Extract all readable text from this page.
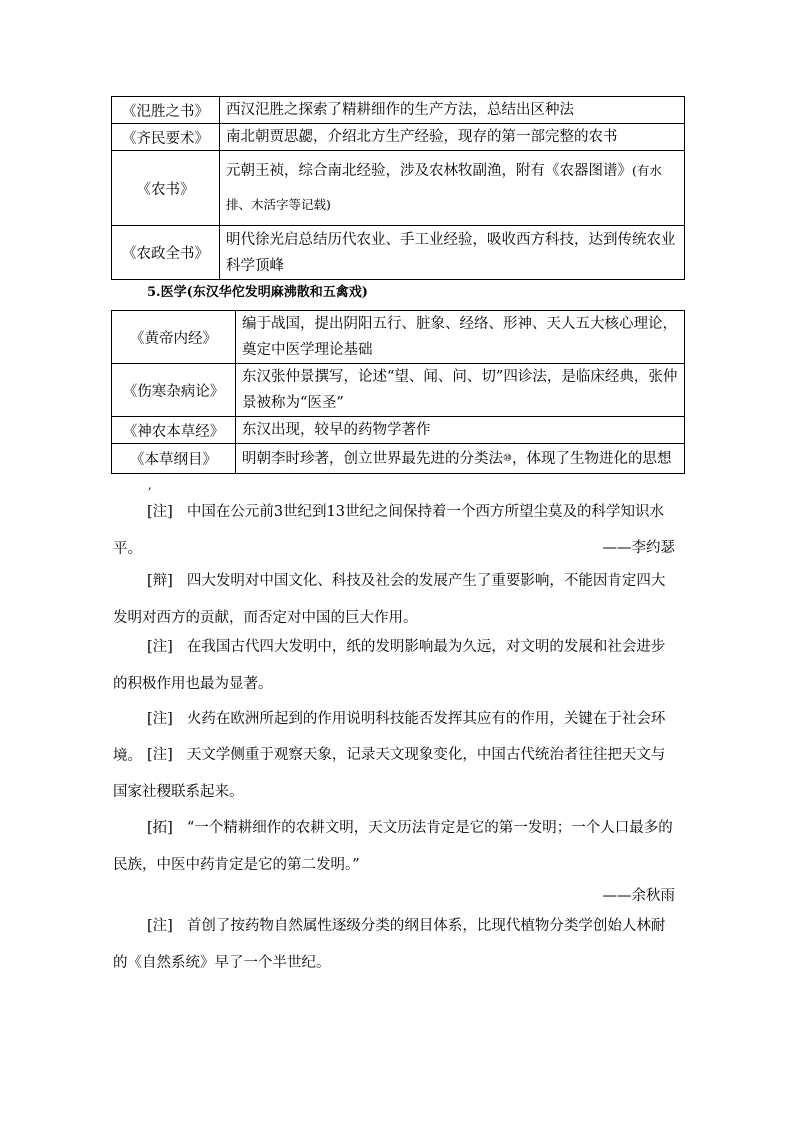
《氾胜之书》	西汉氾胜之探索了精耕细作的生产方法，总结出区种法
《齐民要术》	南北朝贾思勰，介绍北方生产经验，现存的第一部完整的农书
《农书》	元朝王祯，综合南北经验，涉及农林牧副渔，附有《农器图谱》(有水排、木活字等记载)
《农政全书》	明代徐光启总结历代农业、手工业经验，吸收西方科技，达到传统农业科学顶峰
5.医学(东汉华佗发明麻沸散和五禽戏)
《黄帝内经》	编于战国，提出阴阳五行、脏象、经络、形神、天人五大核心理论，奠定中医学理论基础
《伤寒杂病论》	东汉张仲景撰写，论述“望、闻、问、切”四诊法，是临床经典，张仲景被称为“医圣”
《神农本草经》	东汉出现，较早的药物学著作
《本草纲目》	明朝李时珍著，创立世界最先进的分类法⑩，体现了生物进化的思想
,
[注] 中国在公元前3世纪到13世纪之间保持着一个西方所望尘莫及的科学知识水平。	——李约瑟
[辩] 四大发明对中国文化、科技及社会的发展产生了重要影响，不能因肯定四大发明对西方的贡献，而否定对中国的巨大作用。
[注] 在我国古代四大发明中，纸的发明影响最为久远，对文明的发展和社会进步的积极作用也最为显著。
[注] 火药在欧洲所起到的作用说明科技能否发挥其应有的作用，关键在于社会环境。 [注] 天文学侧重于观察天象，记录天文现象变化，中国古代统治者往往把天文与国家社稷联系起来。
[拓] “一个精耕细作的农耕文明，天文历法肯定是它的第一发明；一个人口最多的民族，中医中药肯定是它的第二发明。”
——余秋雨
[注] 首创了按药物自然属性逐级分类的纲目体系，比现代植物分类学创始人林耐的《自然系统》早了一个半世纪。
